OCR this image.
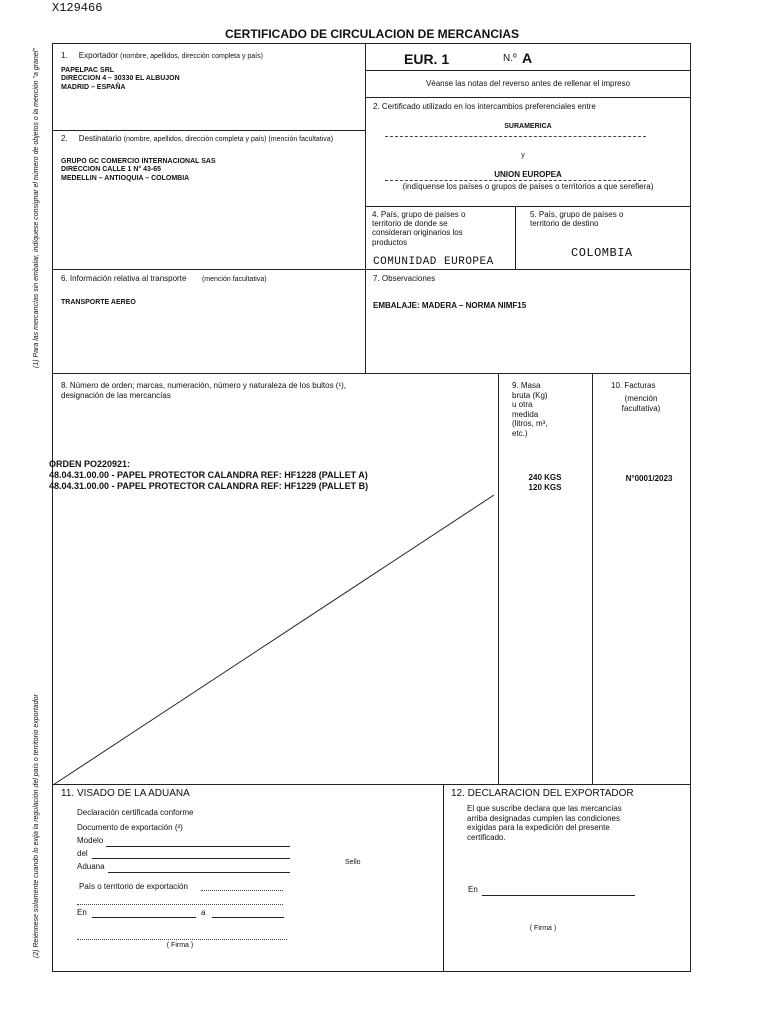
X129466
CERTIFICADO DE CIRCULACION DE MERCANCIAS
(1) Para las mercancías sin embalar, indíquese consignar el número de objetos o la mención "a granel"
(2) Reiénnese solamente cuando lo exija la regulación del país o territorio exportador
1. Exportador (nombre, apellidos, dirección completa y país)
PAPELPAC SRL
DIRECCION 4 – 30330 EL ALBUJON
MADRID – ESPAÑA
EUR. 1	N.º A
Véanse las notas del reverso antes de rellenar el impreso
2. Certificado utilizado en los intercambios preferenciales entre
SURAMERICA
y
UNION EUROPEA
(indíquense los países o grupos de países o territorios a que serefiera)
2. Destinatario (nombre, apellidos, dirección completa y país) (mención facultativa)
GRUPO GC COMERCIO INTERNACIONAL SAS
DIRECCION CALLE 1 N° 43-65
MEDELLIN – ANTIOQUIA – COLOMBIA
4. País, grupo de países o
territorio de donde se
consideran originarios los
productos
COMUNIDAD EUROPEA
5. País, grupo de países o
territorio de destino
COLOMBIA
6. Información relativa al transporte (mención facultativa)
TRANSPORTE AEREO
7. Observaciones
EMBALAJE: MADERA – NORMA NIMF15
8. Número de orden; marcas, numeración, número y naturaleza de los bultos (¹),
designación de las mercancías
ORDEN PO220921:
48.04.31.00.00 - PAPEL PROTECTOR CALANDRA REF: HF1228 (PALLET A)
48.04.31.00.00 - PAPEL PROTECTOR CALANDRA REF: HF1229 (PALLET B)
9. Masa
bruta (Kg)
u otra
medida
(litros, m³,
etc.)
240 KGS
120 KGS
10. Facturas
(mención
facultativa)
N°0001/2023
11. VISADO DE LA ADUANA
Declaración certificada conforme
Documento de exportación (²)
Modelo
del
Aduana	Sello
País o territorio de exportación
En	a
( Firma )
12. DECLARACION DEL EXPORTADOR
El que suscribe declara que las mercancías
arriba designadas cumplen las condiciones
exigidas para la expedición del presente
certificado.
En
( Firma )
